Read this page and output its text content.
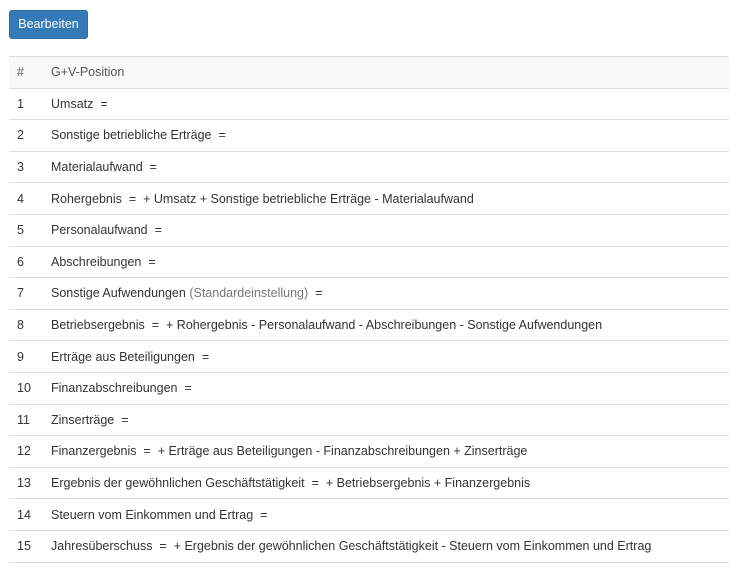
Bearbeiten
#	G+V-Position
1	Umsatz =
2	Sonstige betriebliche Erträge =
3	Materialaufwand =
4	Rohergebnis = + Umsatz + Sonstige betriebliche Erträge - Materialaufwand
5	Personalaufwand =
6	Abschreibungen =
7	Sonstige Aufwendungen (Standardeinstellung) =
8	Betriebsergebnis = + Rohergebnis - Personalaufwand - Abschreibungen - Sonstige Aufwendungen
9	Erträge aus Beteiligungen =
10	Finanzabschreibungen =
11	Zinserträge =
12	Finanzergebnis = + Erträge aus Beteiligungen - Finanzabschreibungen + Zinserträge
13	Ergebnis der gewöhnlichen Geschäftstätigkeit = + Betriebsergebnis + Finanzergebnis
14	Steuern vom Einkommen und Ertrag =
15	Jahresüberschuss = + Ergebnis der gewöhnlichen Geschäftstätigkeit - Steuern vom Einkommen und Ertrag
